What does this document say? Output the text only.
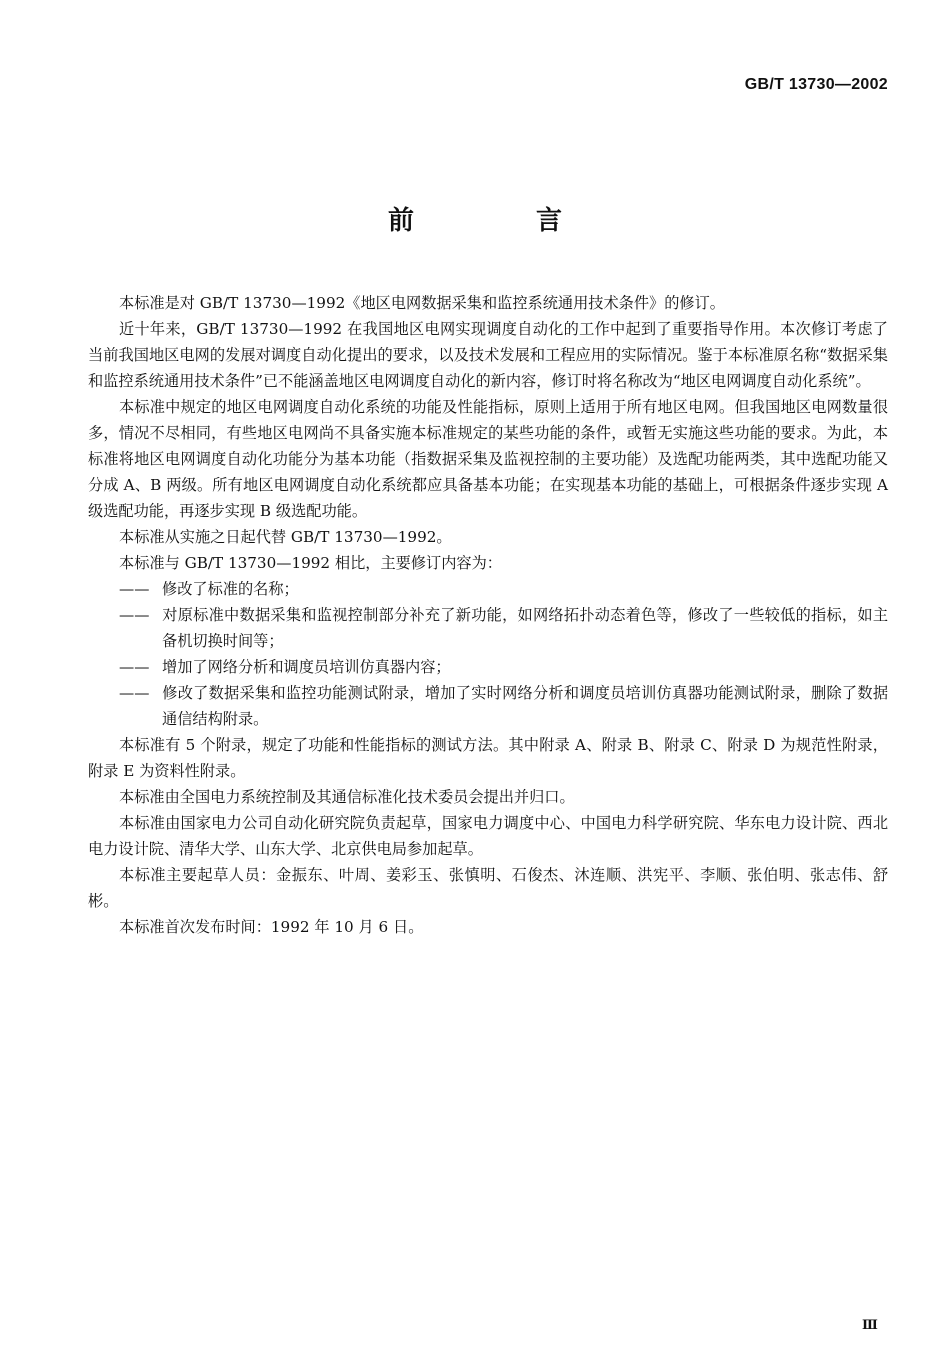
GB/T 13730—2002
前　言

本标准是对 GB/T 13730—1992《地区电网数据采集和监控系统通用技术条件》的修订。

近十年来，GB/T 13730—1992 在我国地区电网实现调度自动化的工作中起到了重要指导作用。本次修订考虑了当前我国地区电网的发展对调度自动化提出的要求，以及技术发展和工程应用的实际情况。鉴于本标准原名称“数据采集和监控系统通用技术条件”已不能涵盖地区电网调度自动化的新内容，修订时将名称改为“地区电网调度自动化系统”。

本标准中规定的地区电网调度自动化系统的功能及性能指标，原则上适用于所有地区电网。但我国地区电网数量很多，情况不尽相同，有些地区电网尚不具备实施本标准规定的某些功能的条件，或暂无实施这些功能的要求。为此，本标准将地区电网调度自动化功能分为基本功能（指数据采集及监视控制的主要功能）及选配功能两类，其中选配功能又分成 A、B 两级。所有地区电网调度自动化系统都应具备基本功能；在实现基本功能的基础上，可根据条件逐步实现 A 级选配功能，再逐步实现 B 级选配功能。

本标准从实施之日起代替 GB/T 13730—1992。

本标准与 GB/T 13730—1992 相比，主要修订内容为：

—— 修改了标准的名称；

—— 对原标准中数据采集和监视控制部分补充了新功能，如网络拓扑动态着色等，修改了一些较低的指标，如主备机切换时间等；

—— 增加了网络分析和调度员培训仿真器内容；

—— 修改了数据采集和监控功能测试附录，增加了实时网络分析和调度员培训仿真器功能测试附录，删除了数据通信结构附录。

本标准有 5 个附录，规定了功能和性能指标的测试方法。其中附录 A、附录 B、附录 C、附录 D 为规范性附录，附录 E 为资料性附录。

本标准由全国电力系统控制及其通信标准化技术委员会提出并归口。

本标准由国家电力公司自动化研究院负责起草，国家电力调度中心、中国电力科学研究院、华东电力设计院、西北电力设计院、清华大学、山东大学、北京供电局参加起草。

本标准主要起草人员：金振东、叶周、姜彩玉、张慎明、石俊杰、沐连顺、洪宪平、李顺、张伯明、张志伟、舒彬。

本标准首次发布时间：1992 年 10 月 6 日。

Ⅲ
